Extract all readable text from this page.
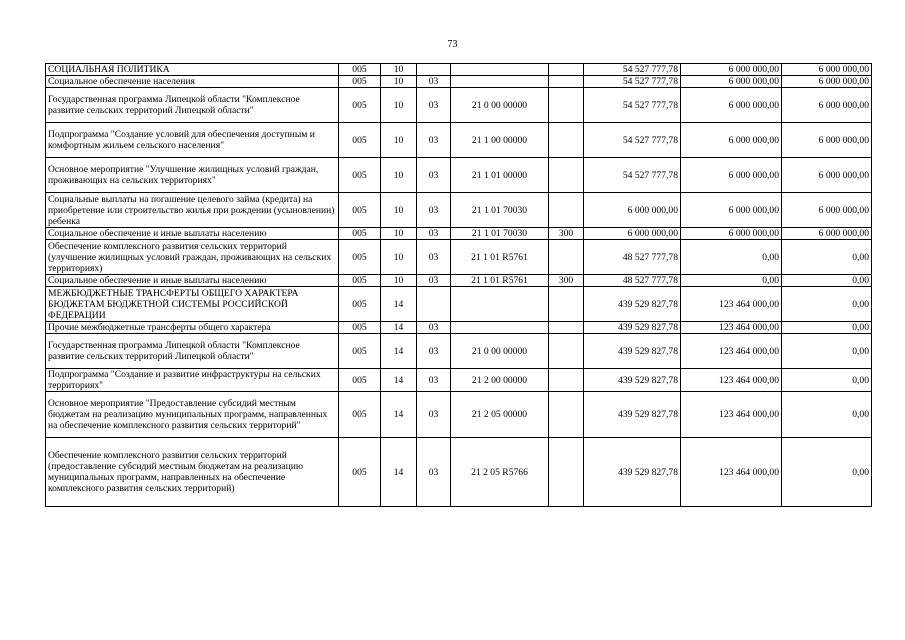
73
СОЦИАЛЬНАЯ ПОЛИТИКА	005	10				54 527 777,78	6 000 000,00	6 000 000,00
Социальное обеспечение населения	005	10	03			54 527 777,78	6 000 000,00	6 000 000,00
Государственная программа Липецкой области "Комплексное развитие сельских территорий Липецкой области"	005	10	03	21 0 00 00000		54 527 777,78	6 000 000,00	6 000 000,00
Подпрограмма "Создание условий для обеспечения доступным и комфортным жильем сельского населения"	005	10	03	21 1 00 00000		54 527 777,78	6 000 000,00	6 000 000,00
Основное мероприятие "Улучшение жилищных условий граждан, проживающих на сельских территориях"	005	10	03	21 1 01 00000		54 527 777,78	6 000 000,00	6 000 000,00
Социальные выплаты на погашение целевого займа (кредита) на приобретение или строительство жилья при рождении (усыновлении) ребенка	005	10	03	21 1 01 70030		6 000 000,00	6 000 000,00	6 000 000,00
Социальное обеспечение и иные выплаты населению	005	10	03	21 1 01 70030	300	6 000 000,00	6 000 000,00	6 000 000,00
Обеспечение комплексного развития сельских территорий (улучшение жилищных условий граждан, проживающих на сельских территориях)	005	10	03	21 1 01 R5761		48 527 777,78	0,00	0,00
Социальное обеспечение и иные выплаты населению	005	10	03	21 1 01 R5761	300	48 527 777,78	0,00	0,00
МЕЖБЮДЖЕТНЫЕ ТРАНСФЕРТЫ ОБЩЕГО ХАРАКТЕРА БЮДЖЕТАМ БЮДЖЕТНОЙ СИСТЕМЫ РОССИЙСКОЙ ФЕДЕРАЦИИ	005	14				439 529 827,78	123 464 000,00	0,00
Прочие межбюджетные трансферты общего характера	005	14	03			439 529 827,78	123 464 000,00	0,00
Государственная программа Липецкой области "Комплексное развитие сельских территорий Липецкой области"	005	14	03	21 0 00 00000		439 529 827,78	123 464 000,00	0,00
Подпрограмма "Создание и развитие инфраструктуры на сельских территориях"	005	14	03	21 2 00 00000		439 529 827,78	123 464 000,00	0,00
Основное мероприятие "Предоставление субсидий местным бюджетам на реализацию муниципальных программ, направленных на обеспечение комплексного развития сельских территорий"	005	14	03	21 2 05 00000		439 529 827,78	123 464 000,00	0,00
Обеспечение комплексного развития сельских территорий (предоставление субсидий местным бюджетам на реализацию муниципальных программ, направленных на обеспечение комплексного развития сельских территорий)	005	14	03	21 2 05 R5766		439 529 827,78	123 464 000,00	0,00
